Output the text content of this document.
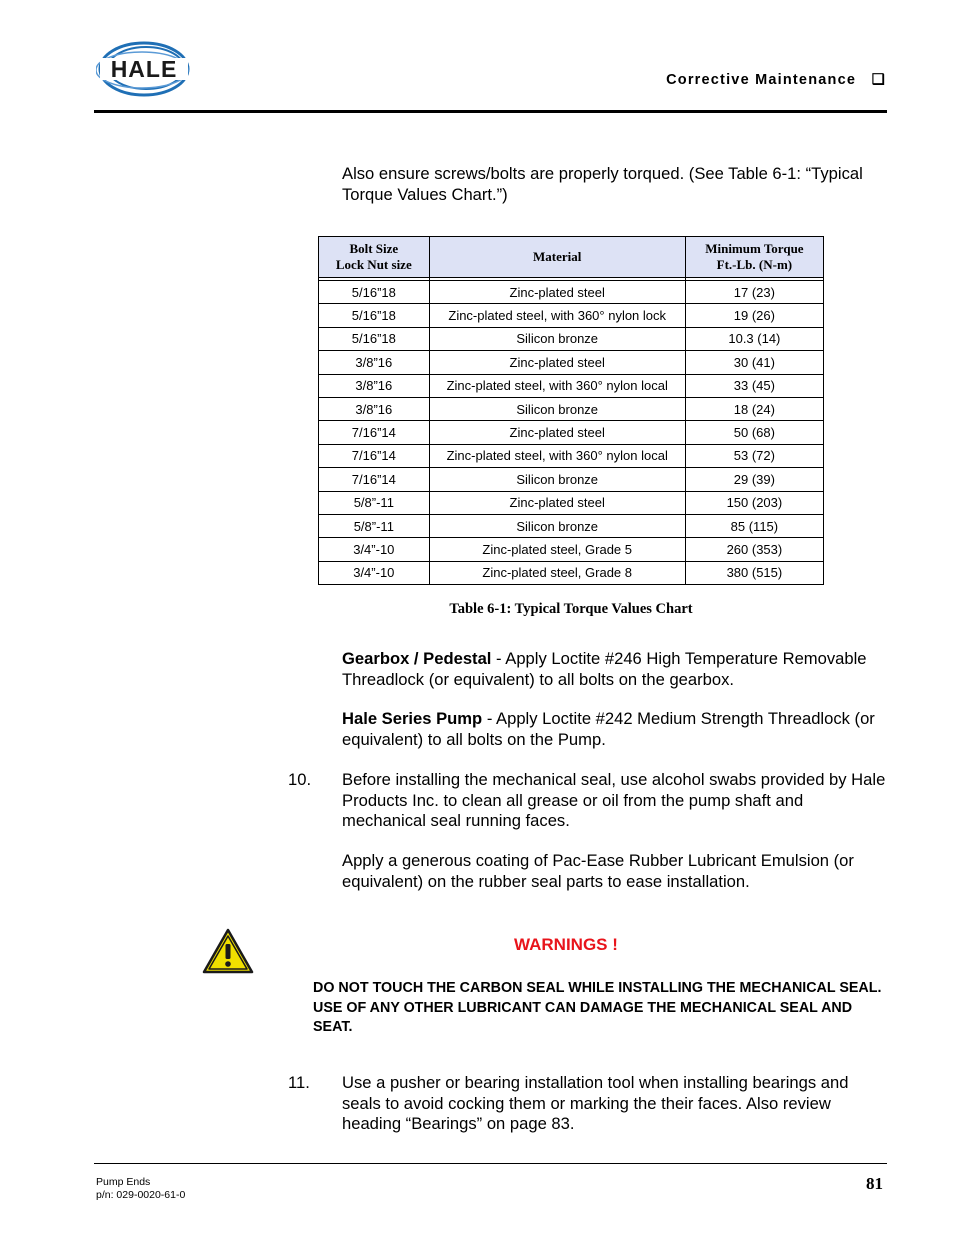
HALE	Corrective Maintenance ❑
Also ensure screws/bolts are properly torqued. (See Table 6-1: “Typical Torque Values Chart.”)
Bolt Size
Lock Nut size	Material	Minimum Torque
Ft.-Lb. (N-m)

5/16”18	Zinc-plated steel	17 (23)
5/16”18	Zinc-plated steel, with 360° nylon lock	19 (26)
5/16”18	Silicon bronze	10.3 (14)
3/8”16	Zinc-plated steel	30 (41)
3/8”16	Zinc-plated steel, with 360° nylon local	33 (45)
3/8”16	Silicon bronze	18 (24)
7/16”14	Zinc-plated steel	50 (68)
7/16”14	Zinc-plated steel, with 360° nylon local	53 (72)
7/16”14	Silicon bronze	29 (39)
5/8”-11	Zinc-plated steel	150 (203)
5/8”-11	Silicon bronze	85 (115)
3/4”-10	Zinc-plated steel, Grade 5	260 (353)
3/4”-10	Zinc-plated steel, Grade 8	380 (515)
Table 6-1: Typical Torque Values Chart
Gearbox / Pedestal - Apply Loctite #246 High Temperature Removable Threadlock (or equivalent) to all bolts on the gearbox.
Hale Series Pump - Apply Loctite #242 Medium Strength Threadlock (or equivalent) to all bolts on the Pump.
10. Before installing the mechanical seal, use alcohol swabs provided by Hale Products Inc. to clean all grease or oil from the pump shaft and mechanical seal running faces.
Apply a generous coating of Pac-Ease Rubber Lubricant Emulsion (or equivalent) on the rubber seal parts to ease installation.
WARNINGS !
DO NOT TOUCH THE CARBON SEAL WHILE INSTALLING THE MECHANICAL SEAL. USE OF ANY OTHER LUBRICANT CAN DAMAGE THE MECHANICAL SEAL AND SEAT.
11. Use a pusher or bearing installation tool when installing bearings and seals to avoid cocking them or marking the their faces. Also review heading “Bearings” on page 83.
Pump Ends
p/n: 029-0020-61-0
81
